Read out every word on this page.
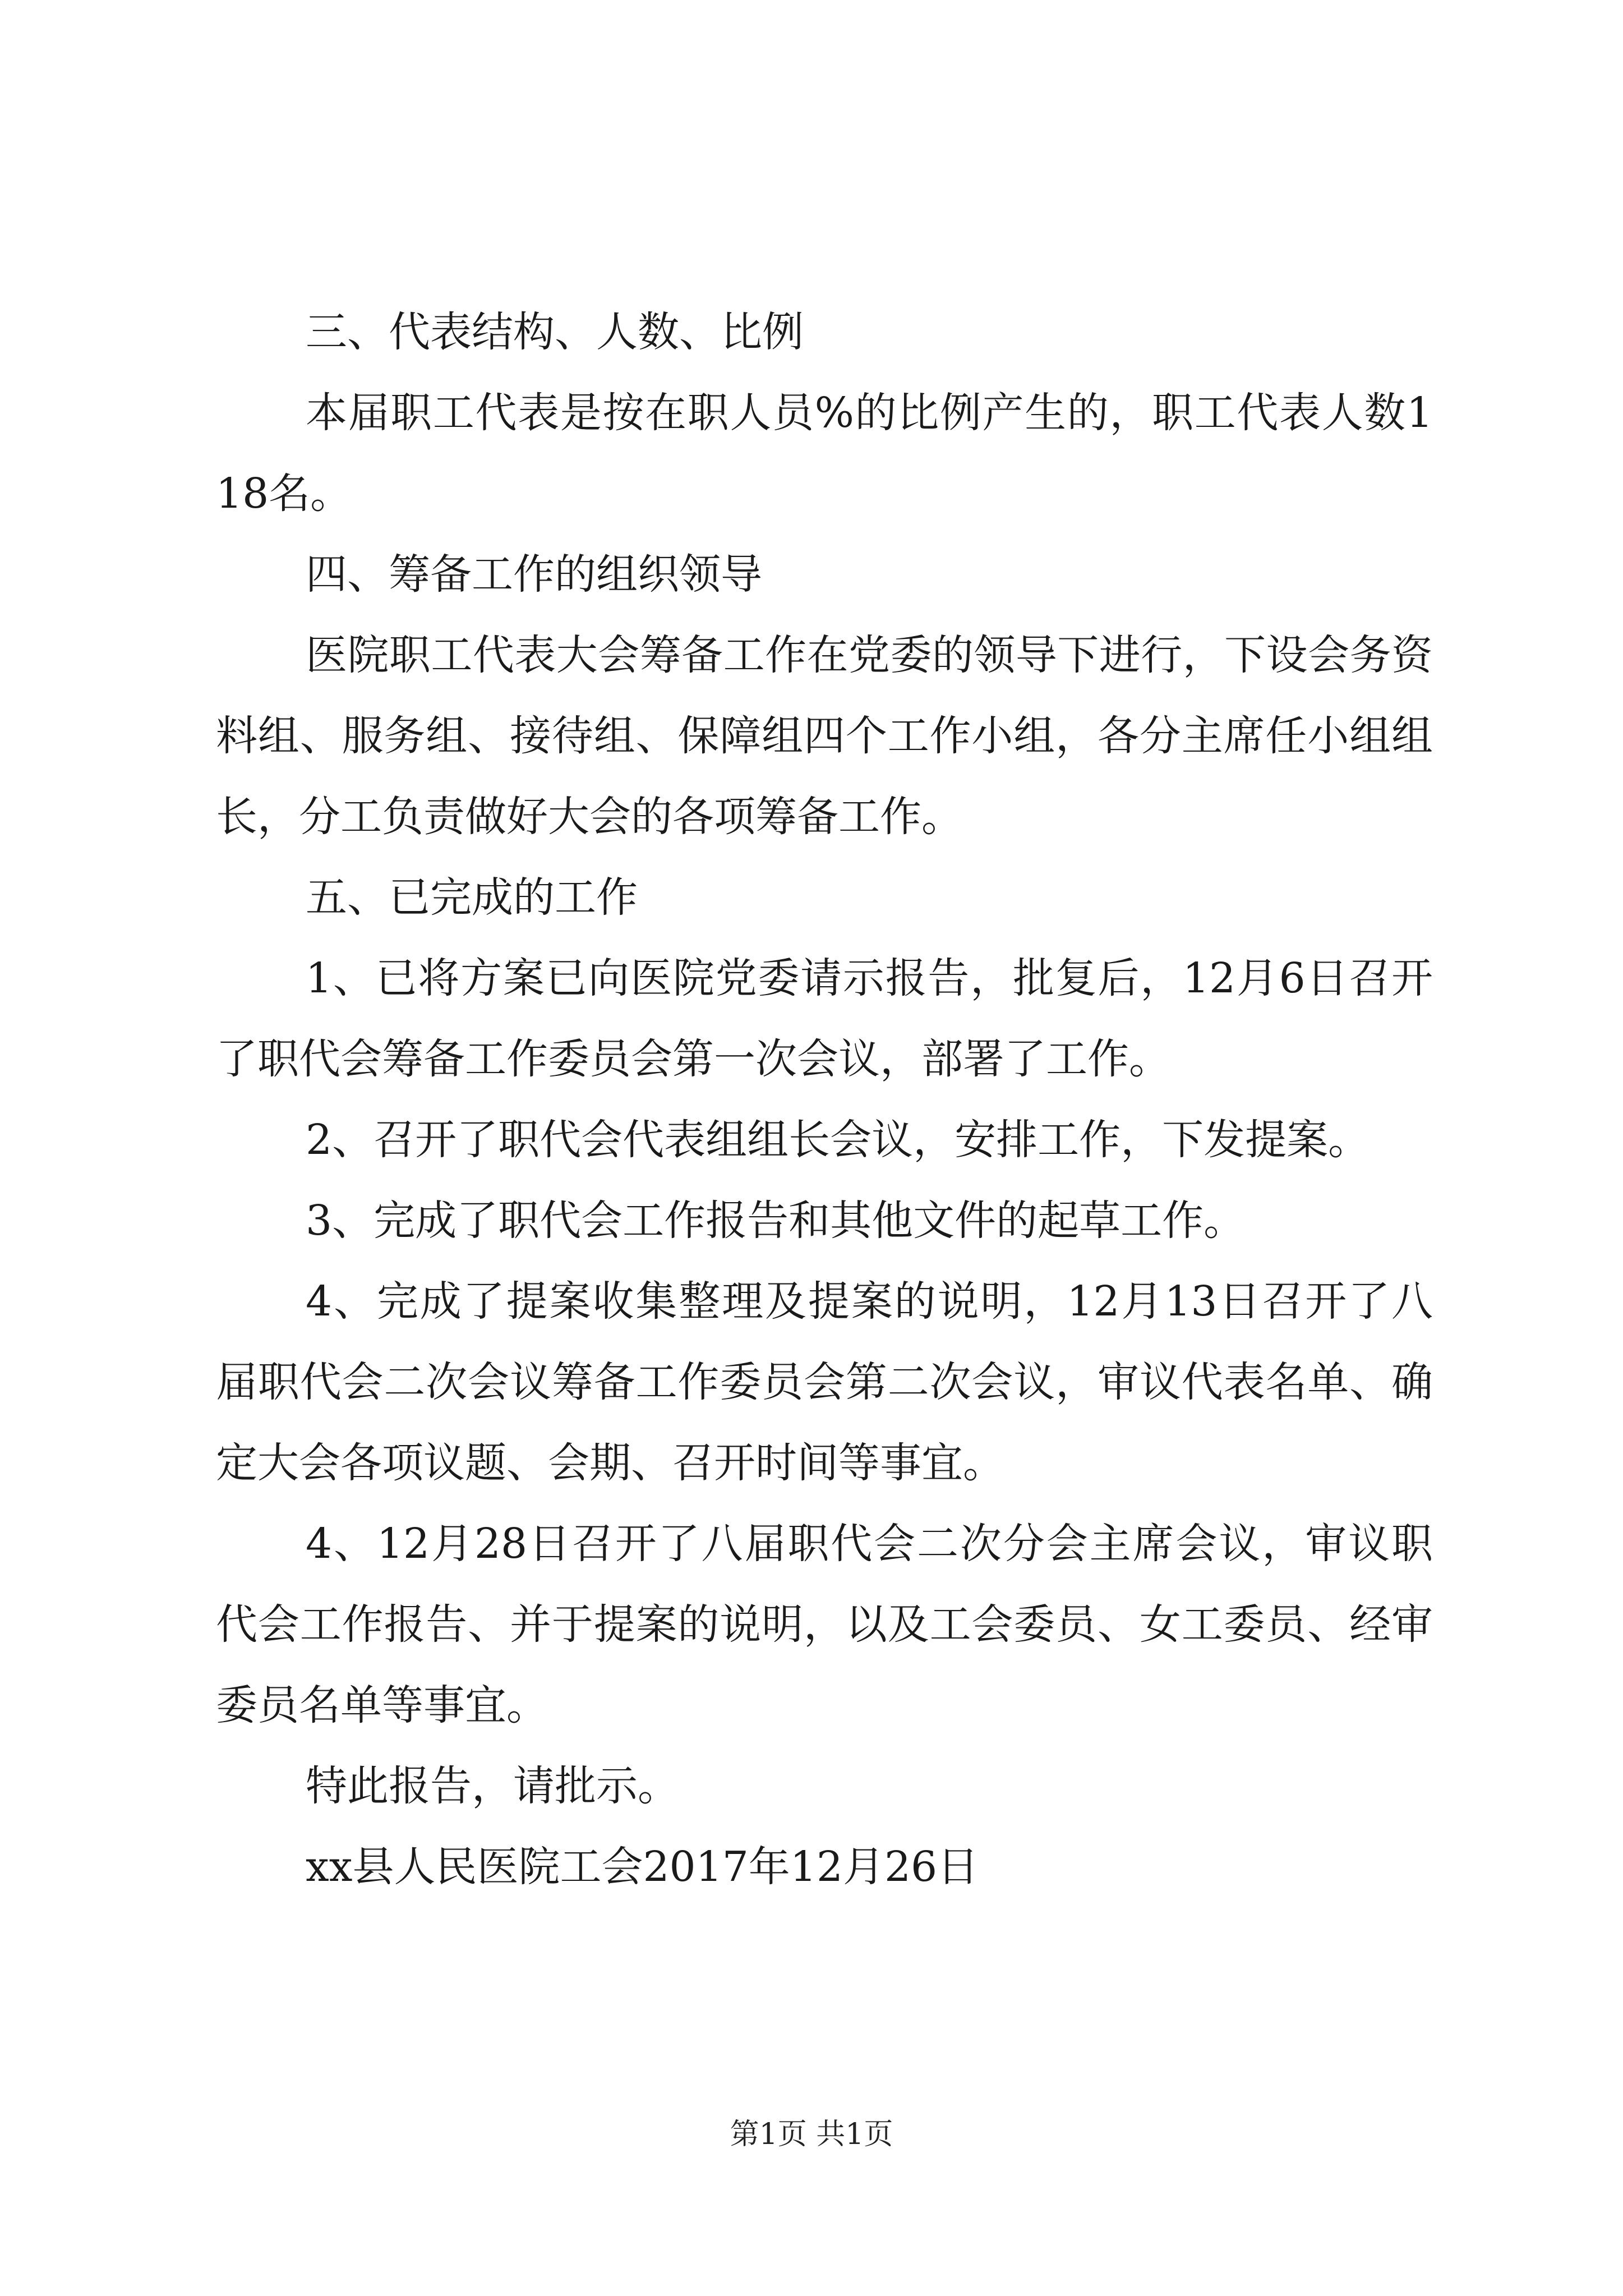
三、代表结构、人数、比例

本届职工代表是按在职人员%的比例产生的，职工代表人数118名。

四、筹备工作的组织领导

医院职工代表大会筹备工作在党委的领导下进行，下设会务资料组、服务组、接待组、保障组四个工作小组，各分主席任小组组长，分工负责做好大会的各项筹备工作。

五、已完成的工作

1、已将方案已向医院党委请示报告，批复后，12月6日召开了职代会筹备工作委员会第一次会议，部署了工作。

2、召开了职代会代表组组长会议，安排工作，下发提案。

3、完成了职代会工作报告和其他文件的起草工作。

4、完成了提案收集整理及提案的说明，12月13日召开了八届职代会二次会议筹备工作委员会第二次会议，审议代表名单、确定大会各项议题、会期、召开时间等事宜。

4、12月28日召开了八届职代会二次分会主席会议，审议职代会工作报告、并于提案的说明，以及工会委员、女工委员、经审委员名单等事宜。

特此报告，请批示。

xx县人民医院工会2017年12月26日

第1页 共1页
